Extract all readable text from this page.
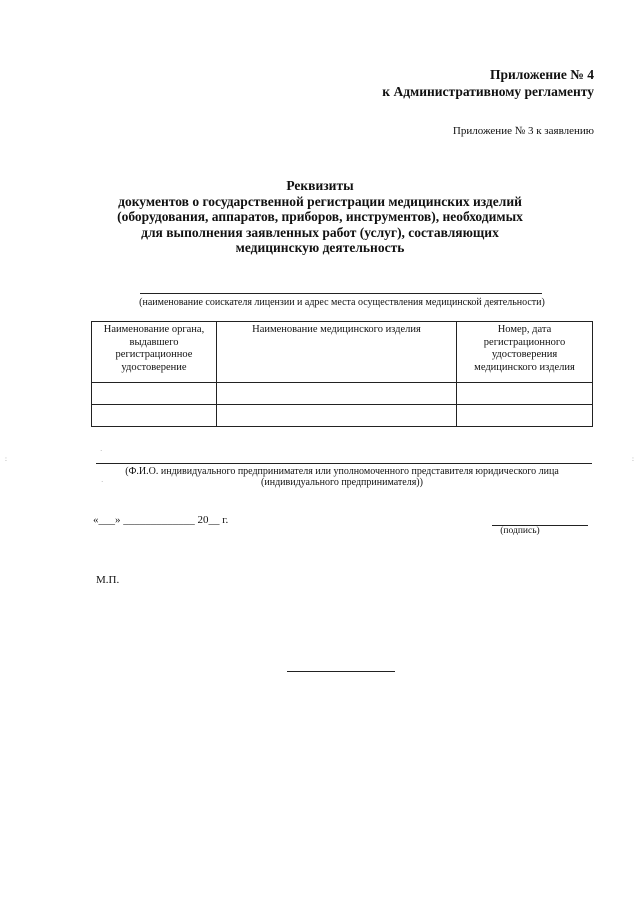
Приложение № 4
к Административному регламенту
Приложение № 3 к заявлению
Реквизиты
документов о государственной регистрации медицинских изделий
(оборудования, аппаратов, приборов, инструментов), необходимых
для выполнения заявленных работ (услуг), составляющих
медицинскую деятельность
(наименование соискателя лицензии и адрес места осуществления медицинской деятельности)
Наименование органа, выдавшего регистрационное удостоверение	Наименование медицинского изделия	Номер, дата регистрационного удостоверения медицинского изделия

(Ф.И.О. индивидуального предпринимателя или уполномоченного представителя юридического лица
(индивидуального предпринимателя))
«___» _____________ 20__ г.
(подпись)
М.П.
·
·
:	:
